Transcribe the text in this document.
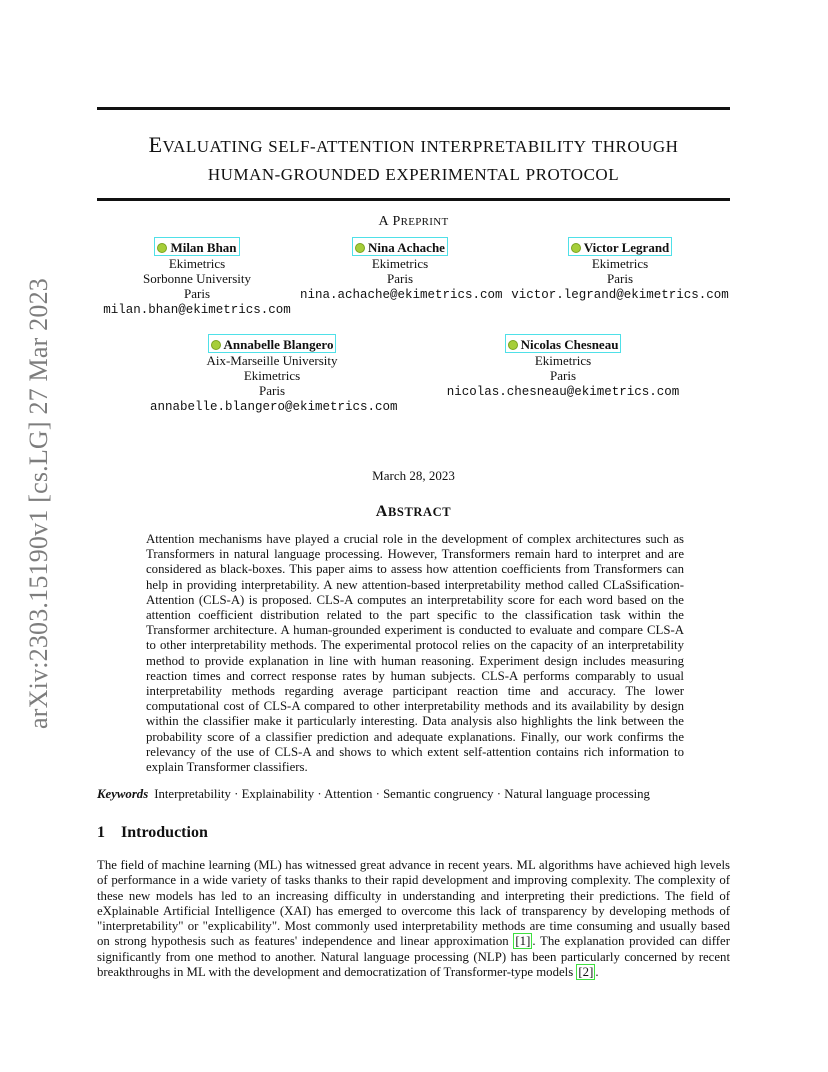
arXiv:2303.15190v1 [cs.LG] 27 Mar 2023
EVALUATING SELF-ATTENTION INTERPRETABILITY THROUGH
HUMAN-GROUNDED EXPERIMENTAL PROTOCOL
A PREPRINT
Milan Bhan
Ekimetrics
Sorbonne University
Paris
milan.bhan@ekimetrics.com
Nina Achache
Ekimetrics
Paris
nina.achache@ekimetrics.com
Victor Legrand
Ekimetrics
Paris
victor.legrand@ekimetrics.com
Annabelle Blangero
Aix-Marseille University
Ekimetrics
Paris
annabelle.blangero@ekimetrics.com
Nicolas Chesneau
Ekimetrics
Paris
nicolas.chesneau@ekimetrics.com
March 28, 2023
ABSTRACT
Attention mechanisms have played a crucial role in the development of complex architectures such as Transformers in natural language processing. However, Transformers remain hard to interpret and are considered as black-boxes. This paper aims to assess how attention coefficients from Transformers can help in providing interpretability. A new attention-based interpretability method called CLaSsification-Attention (CLS-A) is proposed. CLS-A computes an interpretability score for each word based on the attention coefficient distribution related to the part specific to the classification task within the Transformer architecture. A human-grounded experiment is conducted to evaluate and compare CLS-A to other interpretability methods. The experimental protocol relies on the capacity of an interpretability method to provide explanation in line with human reasoning. Experiment design includes measuring reaction times and correct response rates by human subjects. CLS-A performs comparably to usual interpretability methods regarding average participant reaction time and accuracy. The lower computational cost of CLS-A compared to other interpretability methods and its availability by design within the classifier make it particularly interesting. Data analysis also highlights the link between the probability score of a classifier prediction and adequate explanations. Finally, our work confirms the relevancy of the use of CLS-A and shows to which extent self-attention contains rich information to explain Transformer classifiers.
Keywords Interpretability · Explainability · Attention · Semantic congruency · Natural language processing
1 Introduction
The field of machine learning (ML) has witnessed great advance in recent years. ML algorithms have achieved high levels of performance in a wide variety of tasks thanks to their rapid development and improving complexity. The complexity of these new models has led to an increasing difficulty in understanding and interpreting their predictions. The field of eXplainable Artificial Intelligence (XAI) has emerged to overcome this lack of transparency by developing methods of "interpretability" or "explicability". Most commonly used interpretability methods are time consuming and usually based on strong hypothesis such as features' independence and linear approximation [1] . The explanation provided can differ significantly from one method to another. Natural language processing (NLP) has been particularly concerned by recent breakthroughs in ML with the development and democratization of Transformer-type models [2] .
